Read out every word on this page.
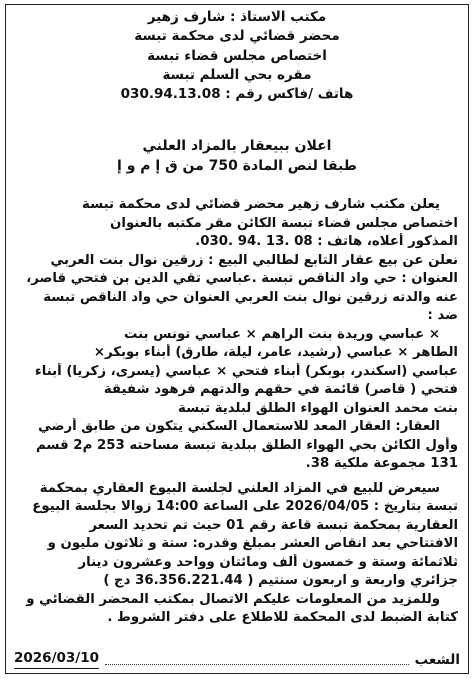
مكتب الاستاذ : شارف زهير
محضر قضائي لدى محكمة تبسة
اختصاص مجلس قضاء تبسة
مقره بحي السلم تبسة
هاتف /فاكس رقم : 030.94.13.08
اعلان ببيعقار بالمزاد العلني
طبقا لنص المادة 750 من ق إ م و إ
يعلن مكتب شارف زهير محضر قضائي لدى محكمة تبسة
اختصاص مجلس قضاء تبسة الكائن مقر مكتبه بالعنوان
المذكور أعلاه، هاتف : 08 .13 .94 .030.
نعلن عن بيع عقار التابع لطالبي البيع : زرقين نوال بنت العربي
العنوان : حي واد الناقص تبسة .عباسي تقي الدين بن فتحي قاصر،
عنه والدته زرقين نوال بنت العربي العنوان حي واد الناقص تبسة
ضد :
× عباسي وريدة بنت الراهم × عباسي تونس بنت
الطاهر × عباسي (رشيد، عامر، ليلة، طارق) أبناء بوبكر×
عباسي (اسكندر، بوبكر) أبناء فتحي × عباسي (يسرى، زكريا) أبناء
فتحي ( قاصر) قائمة في حقهم والدتهم فرهود شفيقة
بنت محمد العنوان الهواء الطلق لبلدية تبسة
العقار: العقار المعد للاستعمال السكني يتكون من طابق أرضي
وأول الكائن بحي الهواء الطلق ببلدية تبسة مساحته 253 م2 قسم
131 مجموعة ملكية 38.
سيعرض للبيع في المزاد العلني لجلسة البيوع العقاري بمحكمة
تبسة بتاريخ : 2026/04/05 على الساعة 14:00 زوالا بجلسة البيوع
العقارية بمحكمة تبسة قاعة رقم 01 حيث تم تحديد السعر
الافتتاحي بعد انقاص العشر بمبلغ وقدره: ستة و ثلاثون مليون و
ثلاثمائة وستة و خمسون ألف ومائتان وواحد وعشرون دينار
جزائري واربعة و اربعون سنتيم ( 36.356.221.44 دج )
وللمزيد من المعلومات عليكم الاتصال بمكتب المحضر القضائي و
كتابة الضبط لدى المحكمة للاطلاع على دفتر الشروط .
الشعب
2026/03/10
